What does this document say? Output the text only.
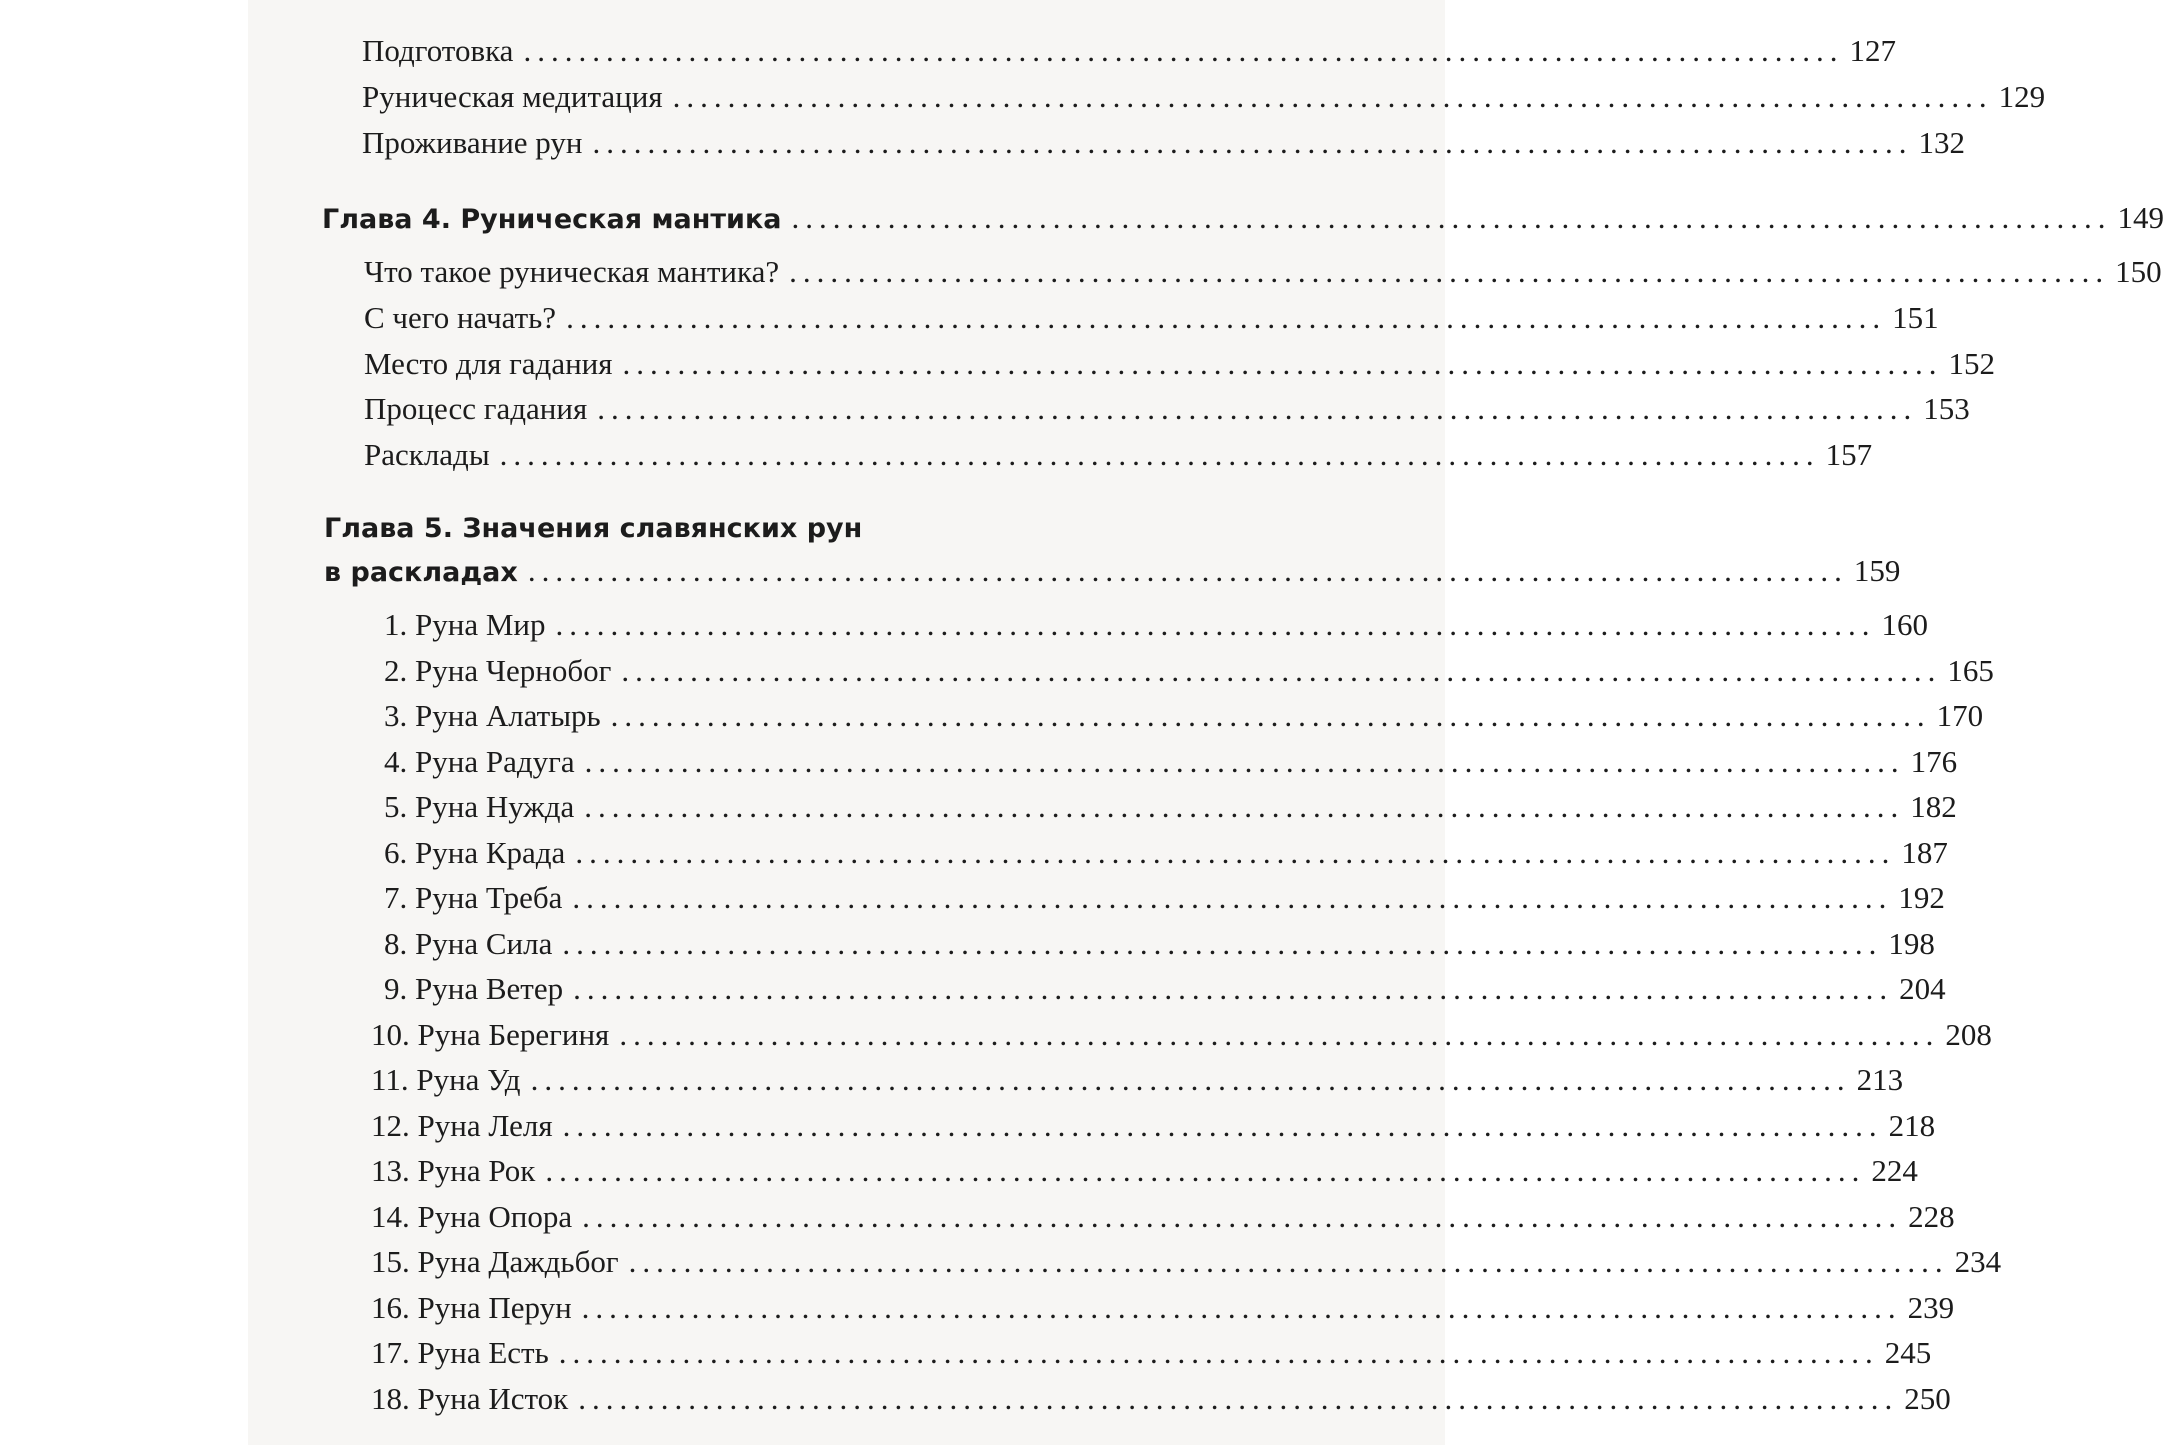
Подготовка ................................................................................................ 127
Руническая медитация ................................................................................................ 129
Проживание рун ................................................................................................ 132
Глава 4. Руническая мантика ................................................................................................ 149
Что такое руническая мантика? ................................................................................................ 150
С чего начать? ................................................................................................ 151
Место для гадания ................................................................................................ 152
Процесс гадания ................................................................................................ 153
Расклады ................................................................................................ 157
Глава 5. Значения славянских рун
в раскладах ................................................................................................ 159
1. Руна Мир ................................................................................................ 160
2. Руна Чернобог ................................................................................................ 165
3. Руна Алатырь ................................................................................................ 170
4. Руна Радуга ................................................................................................ 176
5. Руна Нужда ................................................................................................ 182
6. Руна Крада ................................................................................................ 187
7. Руна Треба ................................................................................................ 192
8. Руна Сила ................................................................................................ 198
9. Руна Ветер ................................................................................................ 204
10. Руна Берегиня ................................................................................................ 208
11. Руна Уд ................................................................................................ 213
12. Руна Леля ................................................................................................ 218
13. Руна Рок ................................................................................................ 224
14. Руна Опора ................................................................................................ 228
15. Руна Даждьбог ................................................................................................ 234
16. Руна Перун ................................................................................................ 239
17. Руна Есть ................................................................................................ 245
18. Руна Исток ................................................................................................ 250
